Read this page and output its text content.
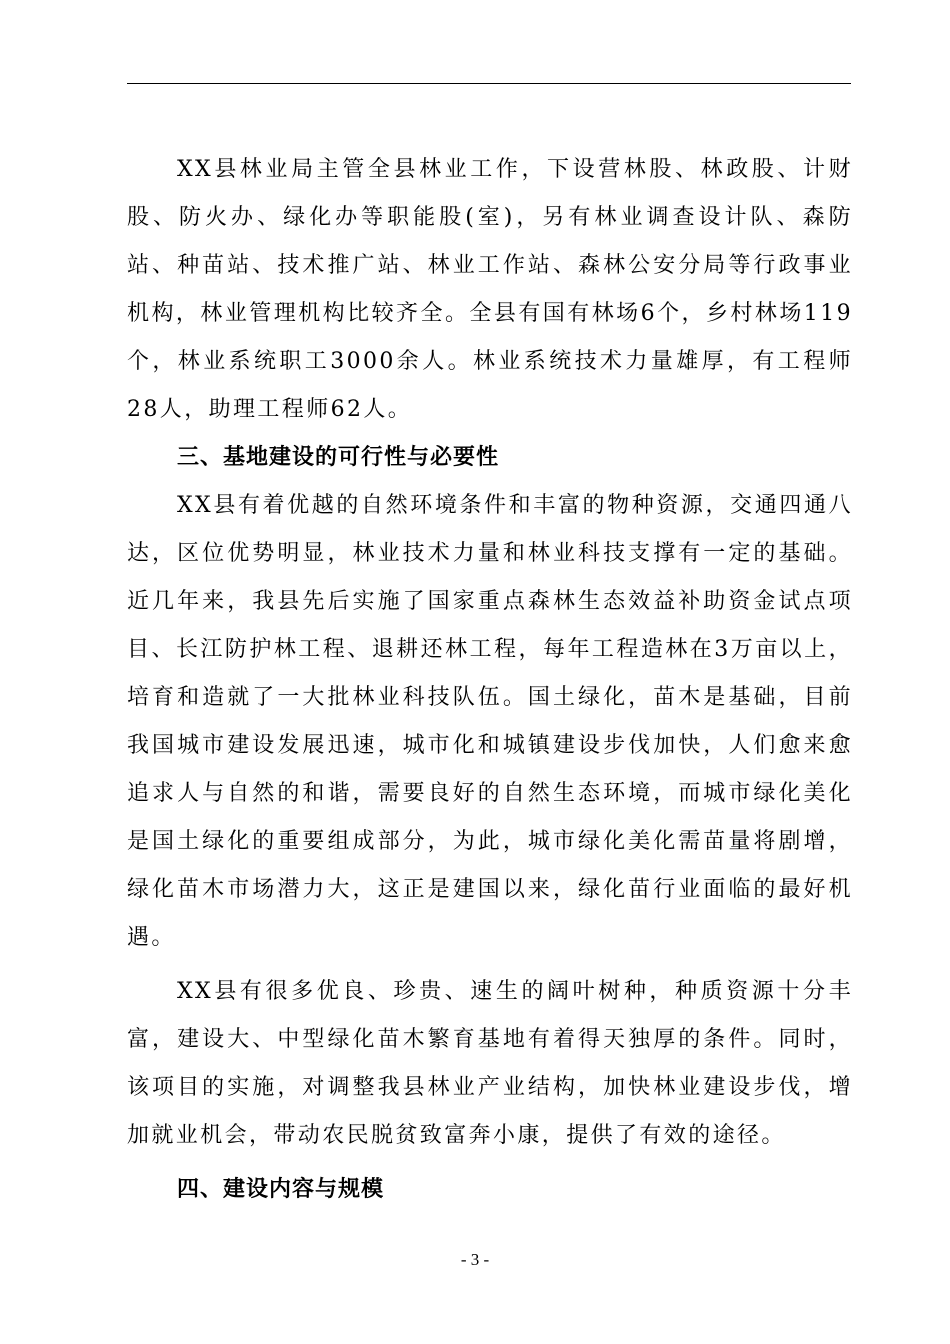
XX县林业局主管全县林业工作，下设营林股、林政股、计财股、防火办、绿化办等职能股(室)，另有林业调查设计队、森防站、种苗站、技术推广站、林业工作站、森林公安分局等行政事业机构，林业管理机构比较齐全。全县有国有林场6个，乡村林场119个，林业系统职工3000余人。林业系统技术力量雄厚，有工程师28人，助理工程师62人。

三、基地建设的可行性与必要性

XX县有着优越的自然环境条件和丰富的物种资源，交通四通八达，区位优势明显，林业技术力量和林业科技支撑有一定的基础。近几年来，我县先后实施了国家重点森林生态效益补助资金试点项目、长江防护林工程、退耕还林工程，每年工程造林在3万亩以上，培育和造就了一大批林业科技队伍。国土绿化，苗木是基础，目前我国城市建设发展迅速，城市化和城镇建设步伐加快，人们愈来愈追求人与自然的和谐，需要良好的自然生态环境，而城市绿化美化是国土绿化的重要组成部分，为此，城市绿化美化需苗量将剧增，绿化苗木市场潜力大，这正是建国以来，绿化苗行业面临的最好机遇。

XX县有很多优良、珍贵、速生的阔叶树种，种质资源十分丰富，建设大、中型绿化苗木繁育基地有着得天独厚的条件。同时，该项目的实施，对调整我县林业产业结构，加快林业建设步伐，增加就业机会，带动农民脱贫致富奔小康，提供了有效的途径。

四、建设内容与规模

- 3 -
